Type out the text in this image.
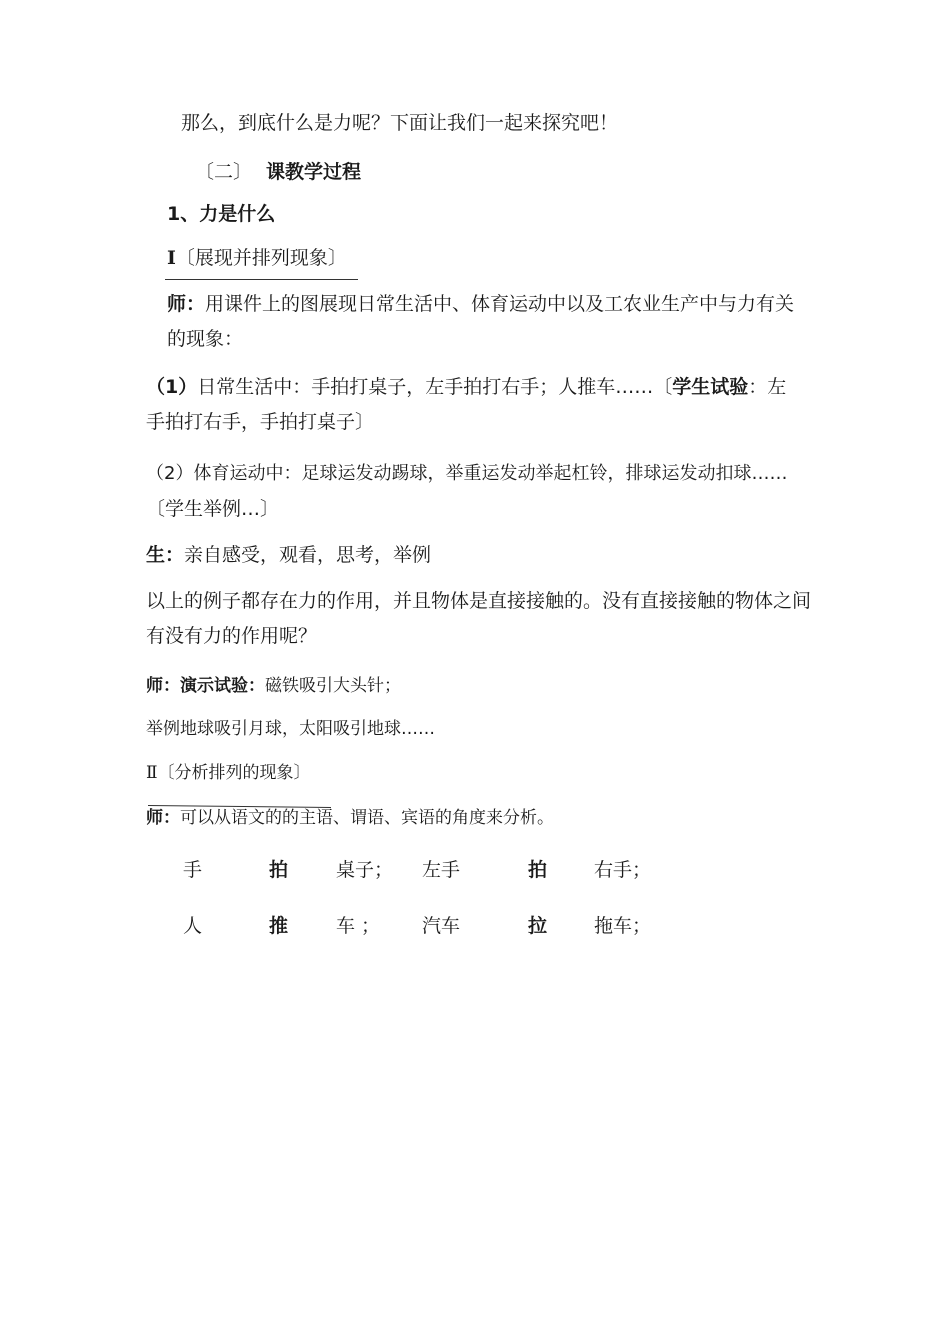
那么，到底什么是力呢？下面让我们一起来探究吧！
〔二〕 课教学过程
1、力是什么
Ⅰ〔展现并排列现象〕
师：用课件上的图展现日常生活中、体育运动中以及工农业生产中与力有关
的现象：
（1）日常生活中：手拍打桌子，左手拍打右手；人推车……〔学生试验：左
手拍打右手，手拍打桌子〕
（2）体育运动中：足球运发动踢球，举重运发动举起杠铃，排球运发动扣球……
〔学生举例…〕
生：亲自感受，观看，思考，举例
以上的例子都存在力的作用，并且物体是直接接触的。没有直接接触的物体之间
有没有力的作用呢？
师：演示试验：磁铁吸引大头针；
举例地球吸引月球，太阳吸引地球……
Ⅱ〔分析排列的现象〕
师：可以从语文的的主语、谓语、宾语的角度来分析。
手	拍	桌子； 左手	拍 右手；
人	推	车 ； 汽车	拉 拖车；
